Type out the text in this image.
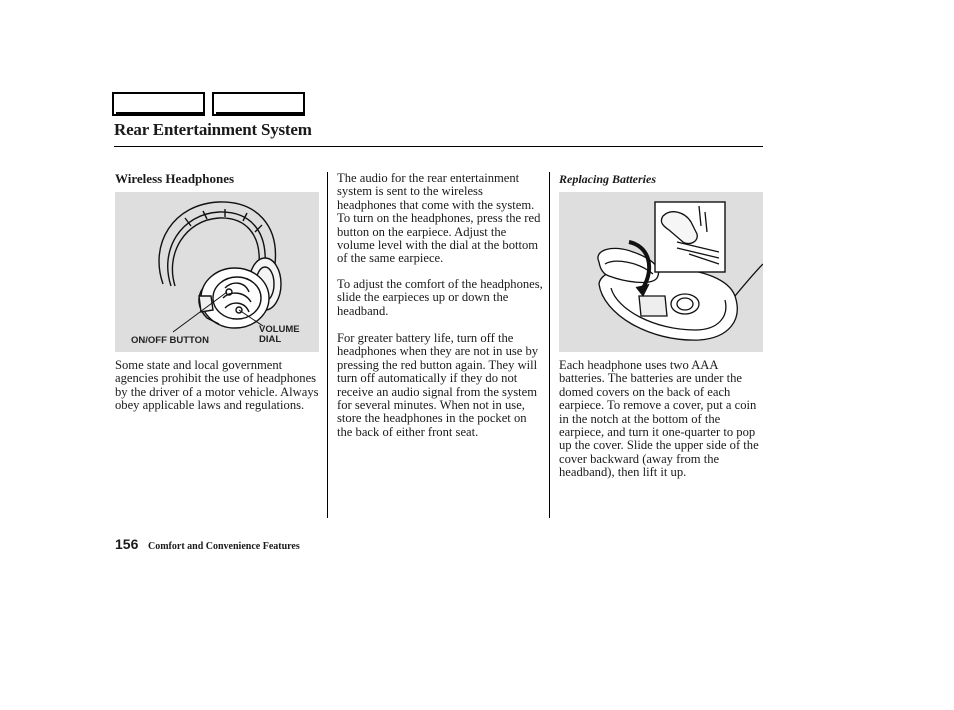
Rear Entertainment System
Wireless Headphones
ON/OFF BUTTON
VOLUME
DIAL

Some state and local government agencies prohibit the use of headphones by the driver of a motor vehicle. Always obey applicable laws and regulations.

The audio for the rear entertainment system is sent to the wireless headphones that come with the system. To turn on the headphones, press the red button on the earpiece. Adjust the volume level with the dial at the bottom of the same earpiece.

To adjust the comfort of the headphones, slide the earpieces up or down the headband.

For greater battery life, turn off the headphones when they are not in use by pressing the red button again. They will turn off automatically if they do not receive an audio signal from the system for several minutes. When not in use, store the headphones in the pocket on the back of either front seat.

Replacing Batteries

Each headphone uses two AAA batteries. The batteries are under the domed covers on the back of each earpiece. To remove a cover, put a coin in the notch at the bottom of the earpiece, and turn it one-quarter to pop up the cover. Slide the upper side of the cover backward (away from the headband), then lift it up.

156 Comfort and Convenience Features
